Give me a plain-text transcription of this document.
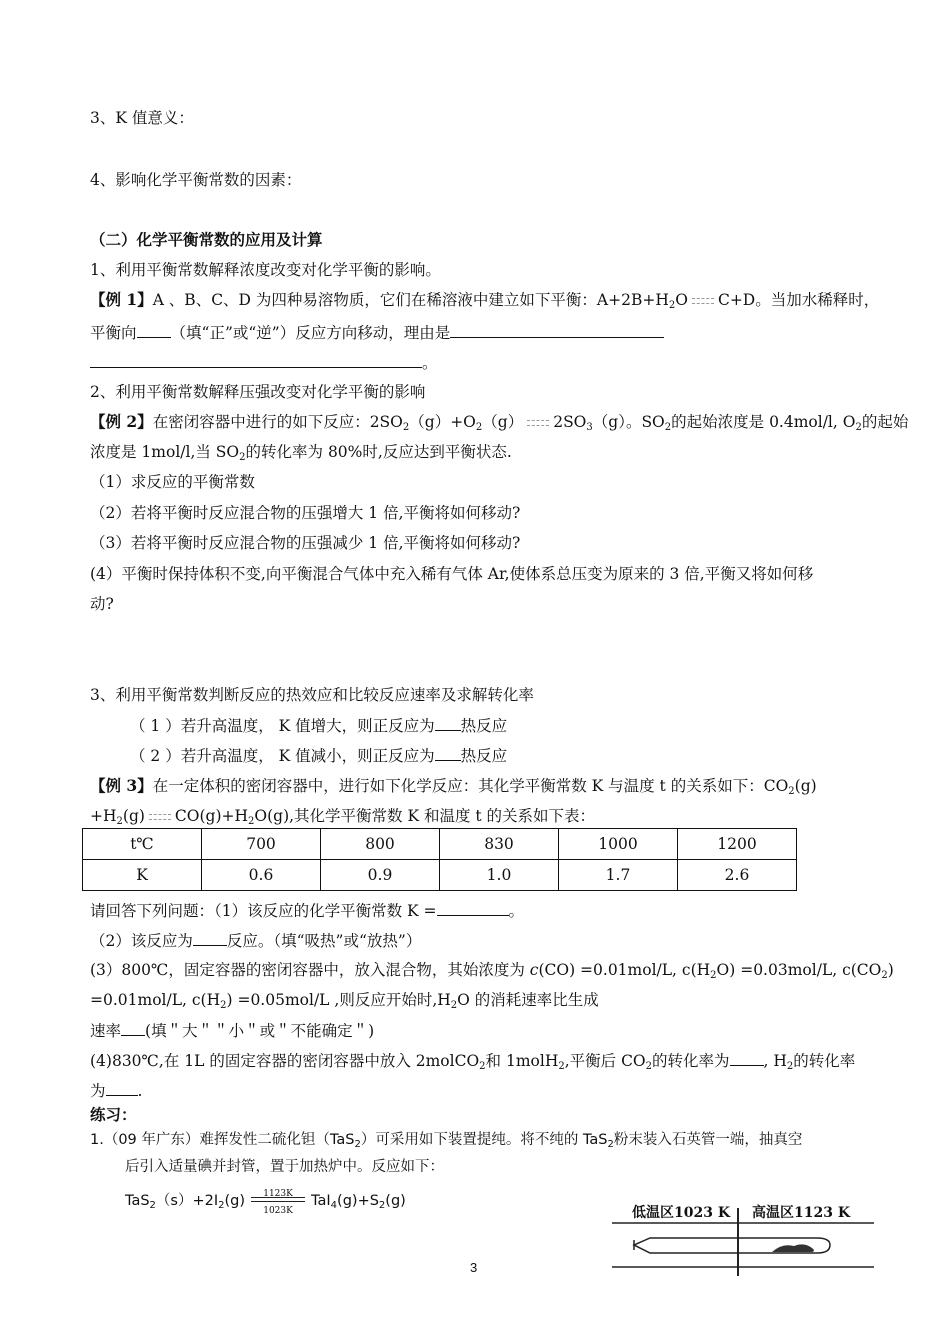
3、K 值意义：
4、影响化学平衡常数的因素：
（二）化学平衡常数的应用及计算
1、利用平衡常数解释浓度改变对化学平衡的影响。
【例 1】A 、B、C、D 为四种易溶物质，它们在稀溶液中建立如下平衡：$A+2B+H_2O$ C+D。当加水稀释时，
平衡向 （填“正”或“逆”）反应方向移动，理由是
。
2、利用平衡常数解释压强改变对化学平衡的影响
【例 2】在密闭容器中进行的如下反应：$2SO_2(g)+O_2(g)$ $2SO_3(g)$。$SO_2$的起始浓度是 0.4mol/l, $O_2$的起始
浓度是 1mol/l,当 $SO_2$的转化率为 80%时,反应达到平衡状态.
（1）求反应的平衡常数
（2）若将平衡时反应混合物的压强增大 1 倍,平衡将如何移动?
（3）若将平衡时反应混合物的压强减少 1 倍,平衡将如何移动?
(4）平衡时保持体积不变,向平衡混合气体中充入稀有气体 Ar,使体系总压变为原来的 3 倍,平衡又将如何移
动?
3、利用平衡常数判断反应的热效应和比较反应速率及求解转化率
（ 1 ）若升高温度， K 值增大，则正反应为 热反应
（ 2 ）若升高温度， K 值减小，则正反应为 热反应
【例 3】在一定体积的密闭容器中，进行如下化学反应：其化学平衡常数 K 与温度 t 的关系如下：$CO_2(g)$
$+H_2(g)$ $CO(g)+H_2O(g)$,其化学平衡常数 K 和温度 t 的关系如下表：
t℃	700	800	830	1000	1200
K	0.6	0.9	1.0	1.7	2.6
请回答下列问题：（1）该反应的化学平衡常数 K =	。
（2）该反应为 反应。（填“吸热”或“放热”）
(3）800℃，固定容器的密闭容器中，放入混合物，其始浓度为 c(CO) =0.01mol/L, $c(H_2O) =0.03mol/L$, $c(CO_2)$
=0.01mol/L, $c(H_2) =0.05mol/L$ ,则反应开始时$,H_2O$ 的消耗速率比生成
速率 (填＂大＂＂小＂或＂不能确定＂)
(4)830℃,在 1L 的固定容器的密闭容器中放入 2molCO$_2$和 1molH$_2$,平衡后 $CO_2$的转化率为 , $H_2$的转化率
为 .
练习：
1.（09 年广东）难挥发性二硫化钽（TaS$_2$）可采用如下装置提纯。将不纯的 TaS$_2$粉末装入石英管一端，抽真空
后引入适量碘并封管，置于加热炉中。反应如下：
$TaS_2(s)+2I_2(g) \frac{1123K}{1023K} TaI_4(g)+S_2(g)$
低温区1023 K 高温区1123 K
3
